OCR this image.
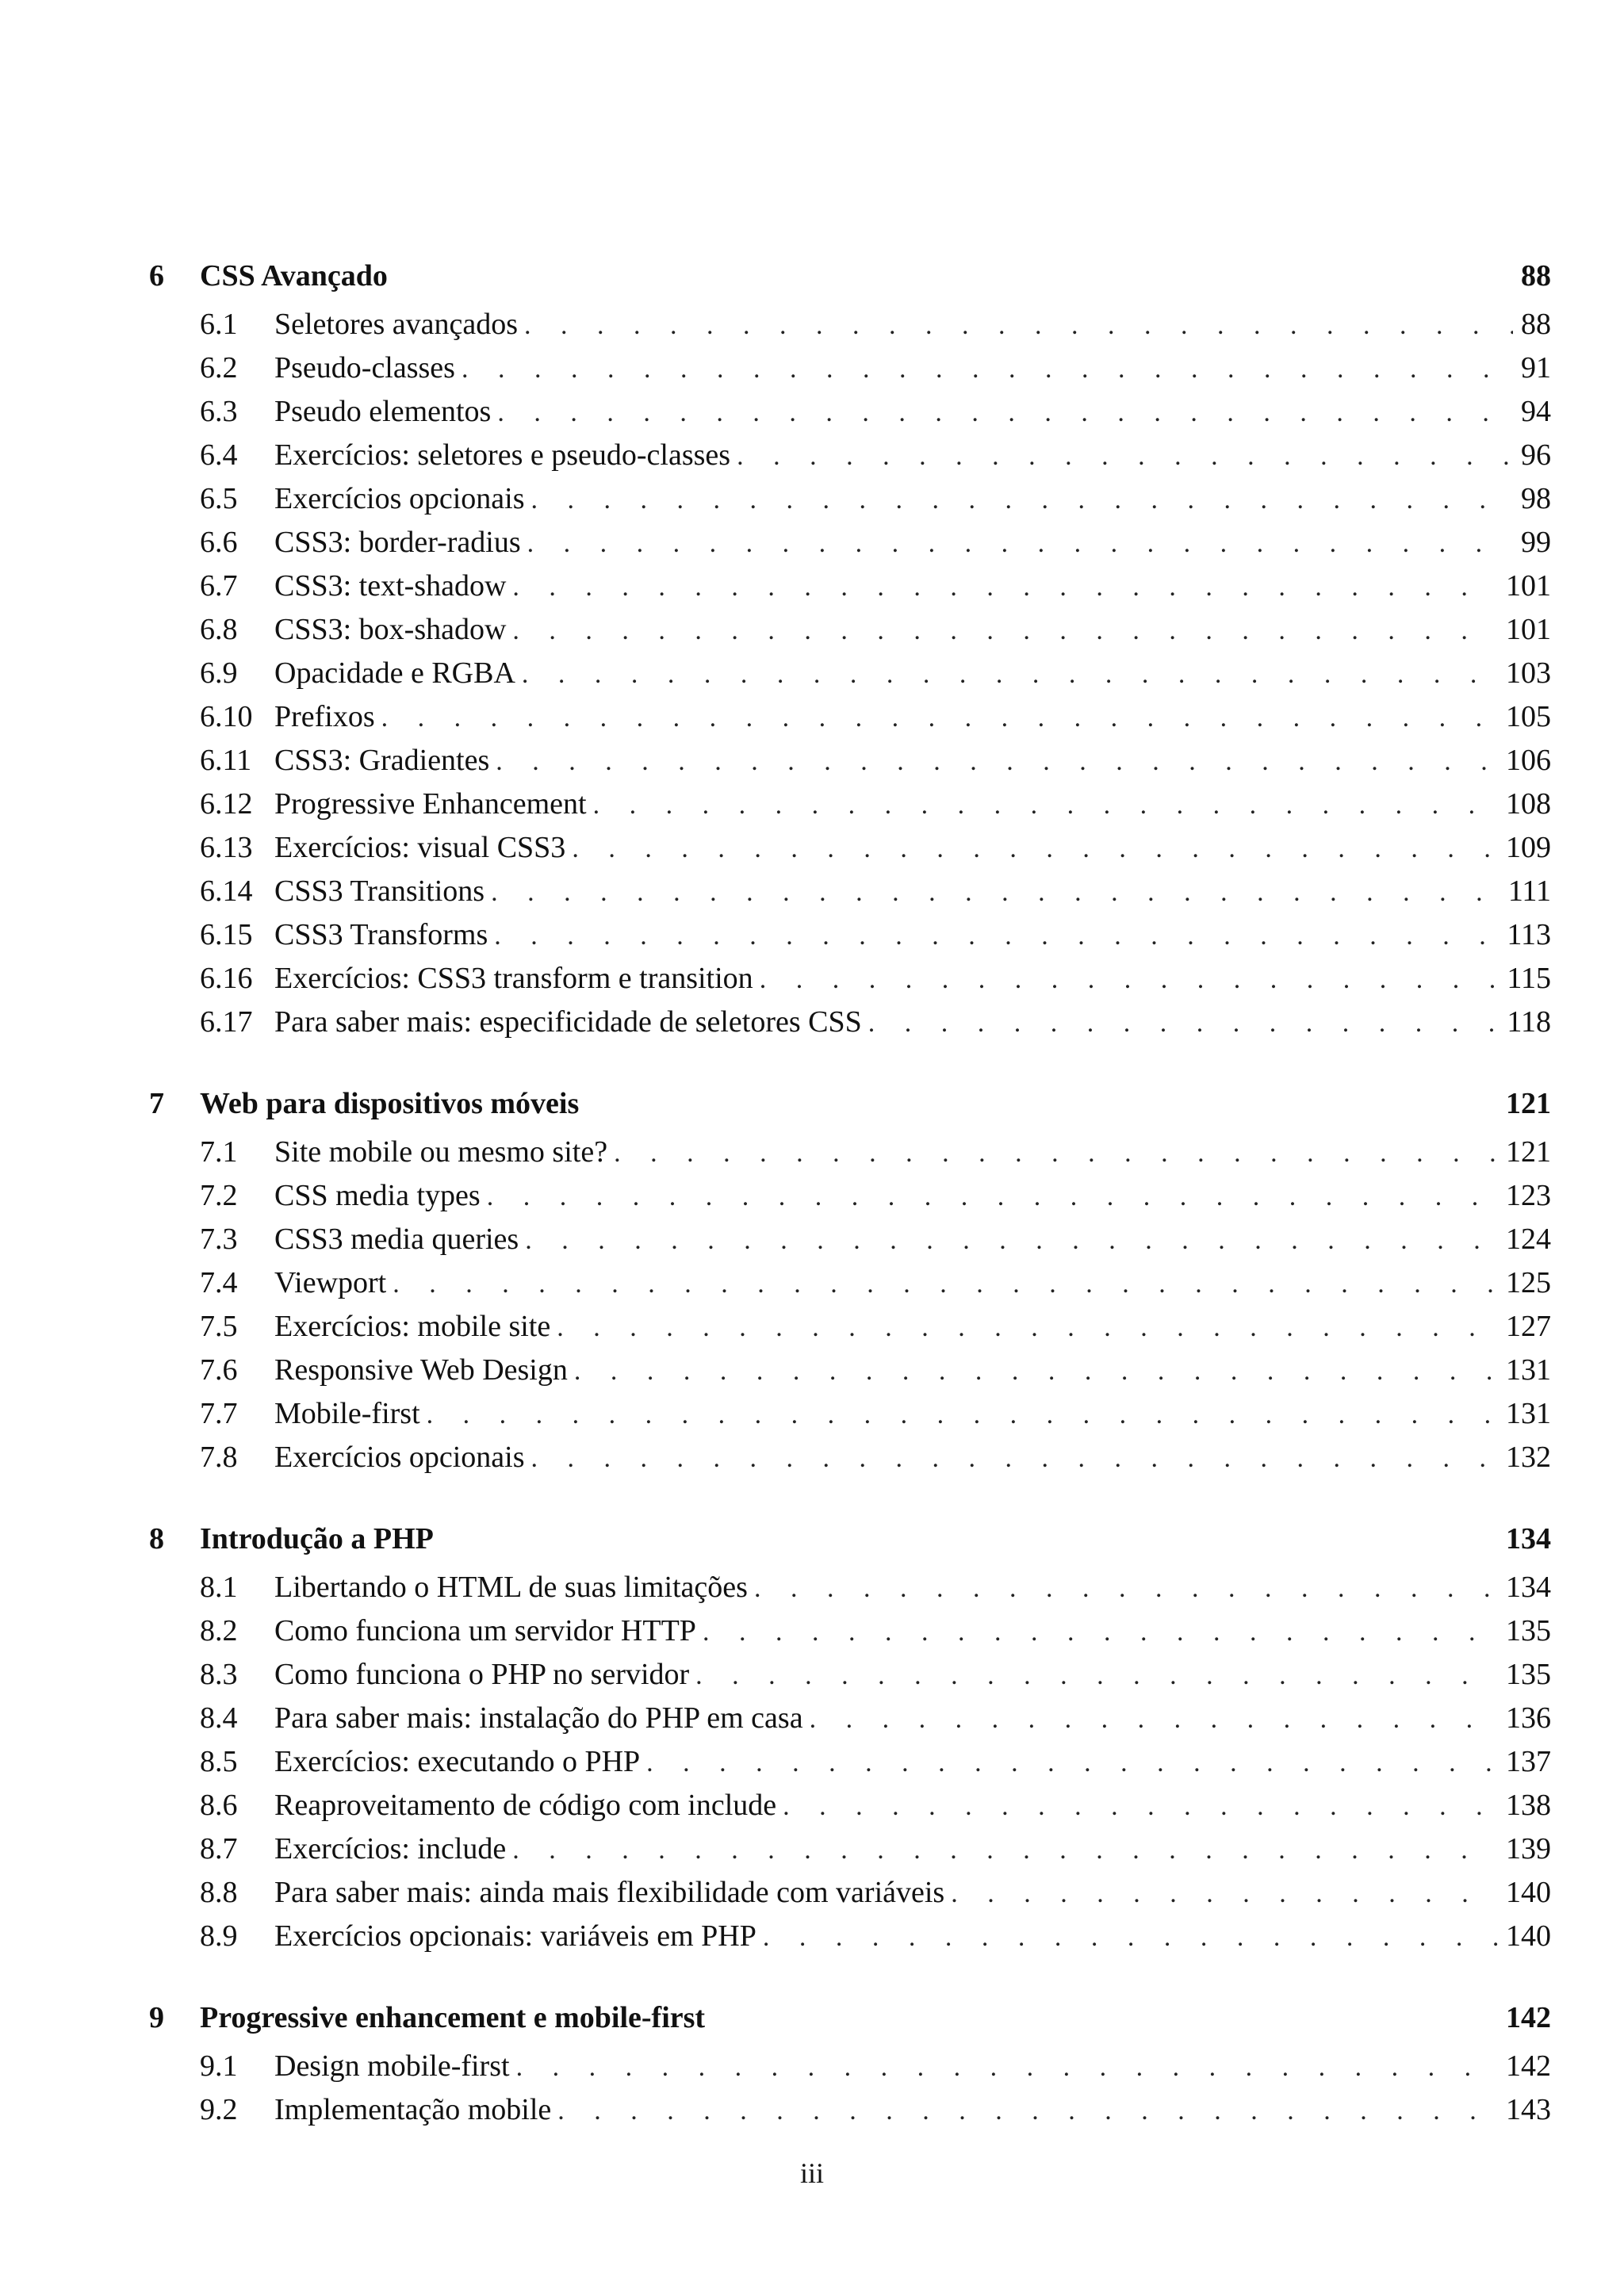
6	CSS Avançado	88
6.1	Seletores avançados . . .	88
6.2	Pseudo-classes . . .	91
6.3	Pseudo elementos . . .	94
6.4	Exercícios: seletores e pseudo-classes . . .	96
6.5	Exercícios opcionais . . .	98
6.6	CSS3: border-radius . . .	99
6.7	CSS3: text-shadow . . .	101
6.8	CSS3: box-shadow . . .	101
6.9	Opacidade e RGBA . . .	103
6.10 Prefixos . . .	105
6.11 CSS3: Gradientes . . .	106
6.12 Progressive Enhancement . . .	108
6.13 Exercícios: visual CSS3 . . .	109
6.14 CSS3 Transitions . . .	111
6.15 CSS3 Transforms . . .	113
6.16 Exercícios: CSS3 transform e transition . . .	115
6.17 Para saber mais: especificidade de seletores CSS . . .	118
7	Web para dispositivos móveis	121
7.1	Site mobile ou mesmo site? . . .	121
7.2	CSS media types . . .	123
7.3	CSS3 media queries . . .	124
7.4	Viewport . . .	125
7.5	Exercícios: mobile site . . .	127
7.6	Responsive Web Design . . .	131
7.7	Mobile-first . . .	131
7.8	Exercícios opcionais . . .	132
8	Introdução a PHP	134
8.1	Libertando o HTML de suas limitações . . .	134
8.2	Como funciona um servidor HTTP . . .	135
8.3	Como funciona o PHP no servidor . . .	135
8.4	Para saber mais: instalação do PHP em casa . . .	136
8.5	Exercícios: executando o PHP . . .	137
8.6	Reaproveitamento de código com include . . .	138
8.7	Exercícios: include . . .	139
8.8	Para saber mais: ainda mais flexibilidade com variáveis . . .	140
8.9	Exercícios opcionais: variáveis em PHP . . .	140
9	Progressive enhancement e mobile-first	142
9.1	Design mobile-first . . .	142
9.2	Implementação mobile . . .	143
iii
